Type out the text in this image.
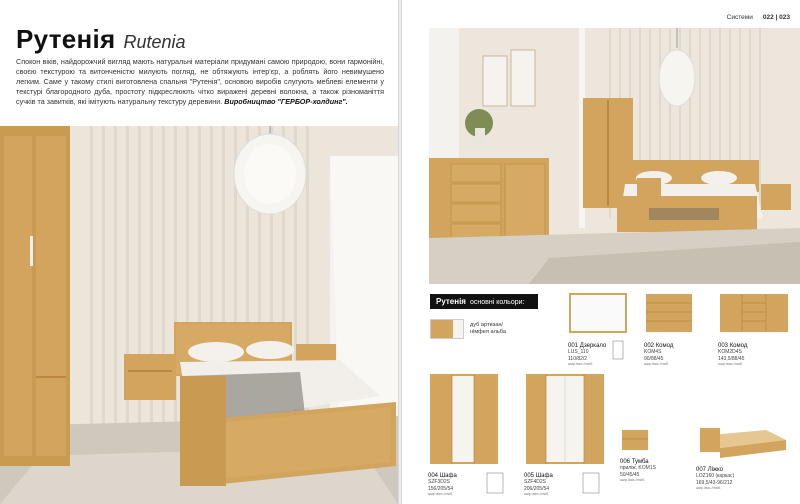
Рутенія Rutenia
Спокон віків, найдорожчий вигляд мають натуральні матеріали придумані самою природою, вони гармонійні, своєю текстурою та витонченістю милують погляд, не обтяжують інтер'єр, а роблять його невимушено легким. Саме у такому стилі виготовлена спальня "Рутенія", основою виробів слугують меблеві елементи у текстурі благородного дуба, простоту підкреслюють чітко виражені деревні волокна, а також різноманіття сучків та завитків, які імітують натуральну текстуру деревини. Виробництво "ГЕРБОР-холдинг".
Системи 022 | 023
Рутенія основні кольори:
дуб артизан/
німфея альба
001 Дзеркало
LUS_110
110/82/2
шир./вис./глиб.
002 Комод
KOM4S
90/88/45
шир./вис./глиб.
003 Комод
KOM2D4S
143,5/88/45
шир./вис./глиб.
004 Шафа
SZF3D2S
156/205/54
шир./вис./глиб.
005 Шафа
SZF4D2S
206/205/54
шир./вис./глиб.
006 Тумба
приліж. KOM1S
50/45/45
шир./вис./глиб.
007 Ліжко
LOZ160 (каркас)
169,5/43-96/212
шир./вис./глиб.
